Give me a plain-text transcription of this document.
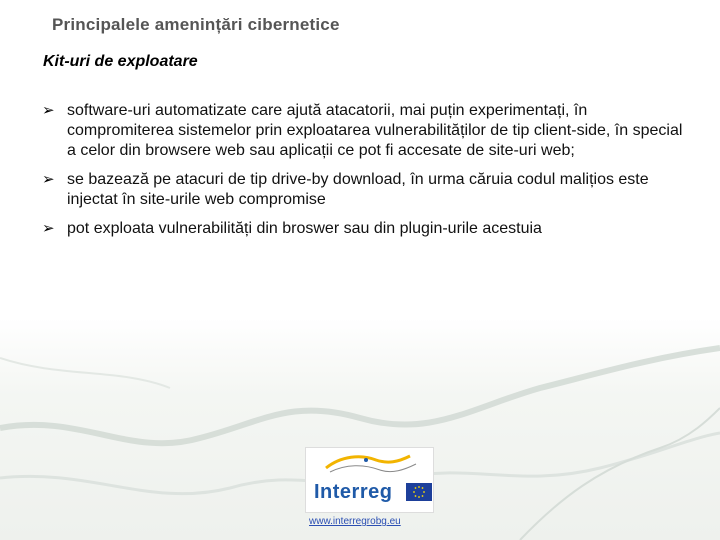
Principalele amenințări cibernetice
Kit-uri de exploatare
➢ software-uri automatizate care ajută atacatorii, mai puțin experimentați, în compromiterea sistemelor prin exploatarea vulnerabilităților de tip client-side, în special a celor din browsere web sau aplicații ce pot fi accesate de site-uri web;
➢ se bazează pe atacuri de tip drive-by download, în urma căruia codul malițios este injectat în site-urile web compromise
➢ pot exploata vulnerabilități din broswer sau din plugin-urile acestuia
Interreg
www.interregrobg.eu
